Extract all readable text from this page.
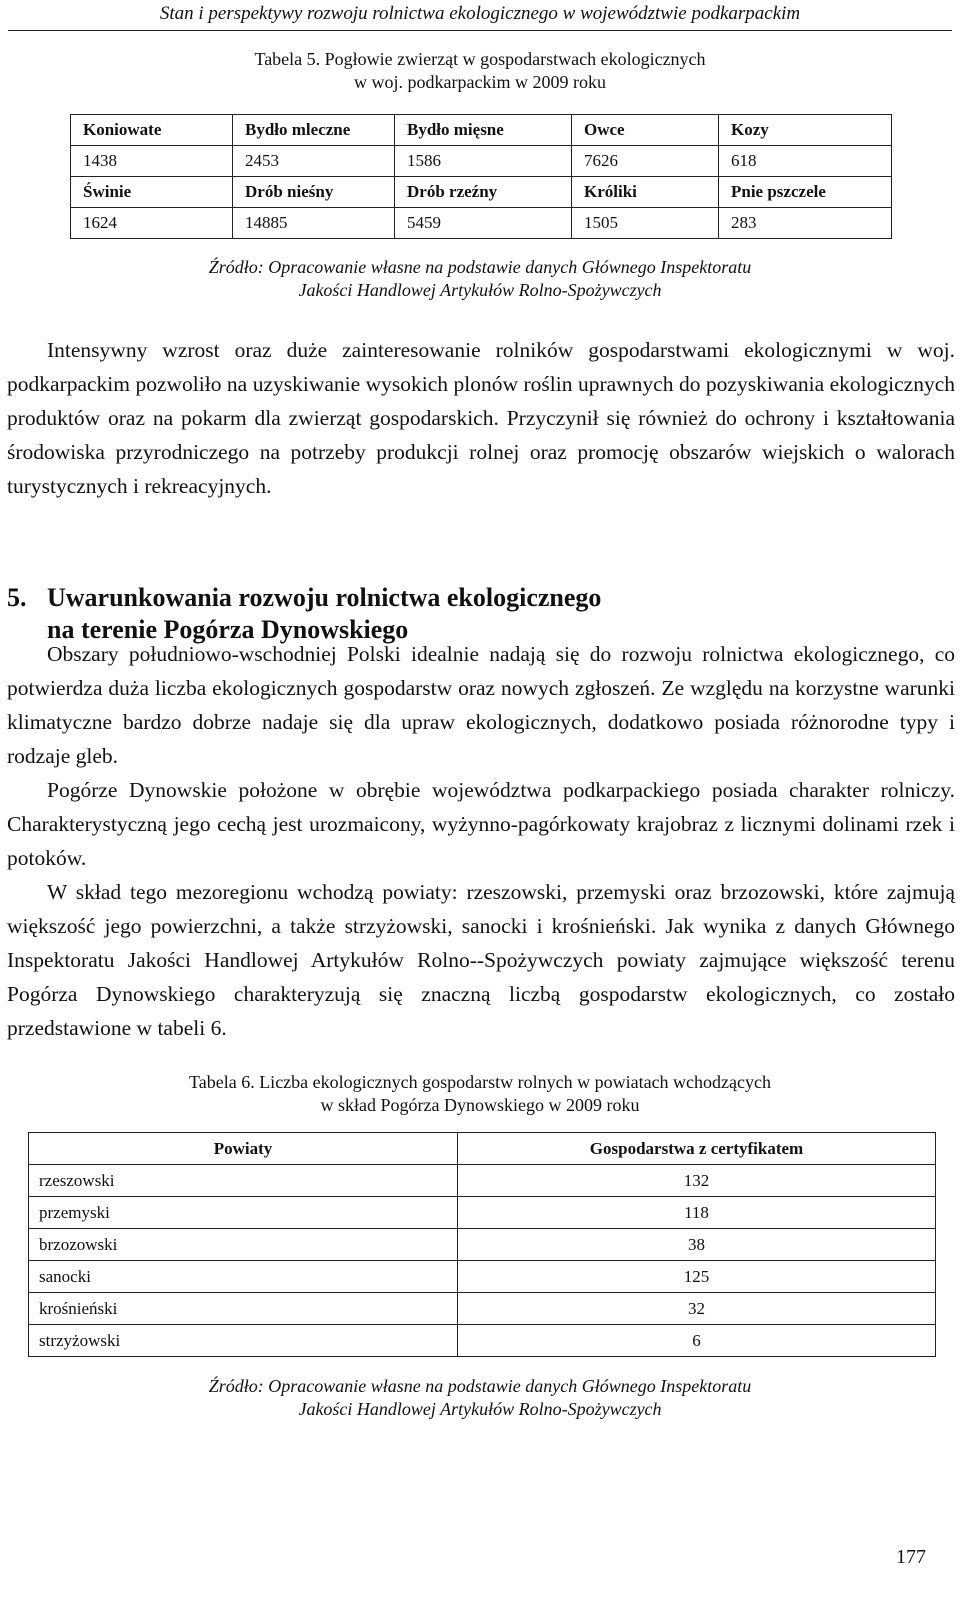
Stan i perspektywy rozwoju rolnictwa ekologicznego w województwie podkarpackim
Tabela 5. Pogłowie zwierząt w gospodarstwach ekologicznych
w woj. podkarpackim w 2009 roku
Koniowate	Bydło mleczne	Bydło mięsne	Owce	Kozy
1438	2453	1586	7626	618
Świnie	Drób nieśny	Drób rzeźny	Króliki	Pnie pszczele
1624	14885	5459	1505	283
Źródło: Opracowanie własne na podstawie danych Głównego Inspektoratu
Jakości Handlowej Artykułów Rolno-Spożywczych

Intensywny wzrost oraz duże zainteresowanie rolników gospodarstwami ekologicznymi w woj. podkarpackim pozwoliło na uzyskiwanie wysokich plonów roślin uprawnych do pozyskiwania ekologicznych produktów oraz na pokarm dla zwierząt gospodarskich. Przyczynił się również do ochrony i kształtowania środowiska przyrodniczego na potrzeby produkcji rolnej oraz promocję obszarów wiejskich o walorach turystycznych i rekreacyjnych.

5. Uwarunkowania rozwoju rolnictwa ekologicznego
na terenie Pogórza Dynowskiego

Obszary południowo-wschodniej Polski idealnie nadają się do rozwoju rolnictwa ekologicznego, co potwierdza duża liczba ekologicznych gospodarstw oraz nowych zgłoszeń. Ze względu na korzystne warunki klimatyczne bardzo dobrze nadaje się dla upraw ekologicznych, dodatkowo posiada różnorodne typy i rodzaje gleb.

Pogórze Dynowskie położone w obrębie województwa podkarpackiego posiada charakter rolniczy. Charakterystyczną jego cechą jest urozmaicony, wyżynno-pagórkowaty krajobraz z licznymi dolinami rzek i potoków.

W skład tego mezoregionu wchodzą powiaty: rzeszowski, przemyski oraz brzozowski, które zajmują większość jego powierzchni, a także strzyżowski, sanocki i krośnieński. Jak wynika z danych Głównego Inspektoratu Jakości Handlowej Artykułów Rolno-‑Spożywczych powiaty zajmujące większość terenu Pogórza Dynowskiego charakteryzują się znaczną liczbą gospodarstw ekologicznych, co zostało przedstawione w tabeli 6.

Tabela 6. Liczba ekologicznych gospodarstw rolnych w powiatach wchodzących
w skład Pogórza Dynowskiego w 2009 roku
Powiaty	Gospodarstwa z certyfikatem
rzeszowski	132
przemyski	118
brzozowski	38
sanocki	125
krośnieński	32
strzyżowski	6
Źródło: Opracowanie własne na podstawie danych Głównego Inspektoratu
Jakości Handlowej Artykułów Rolno-Spożywczych
177
